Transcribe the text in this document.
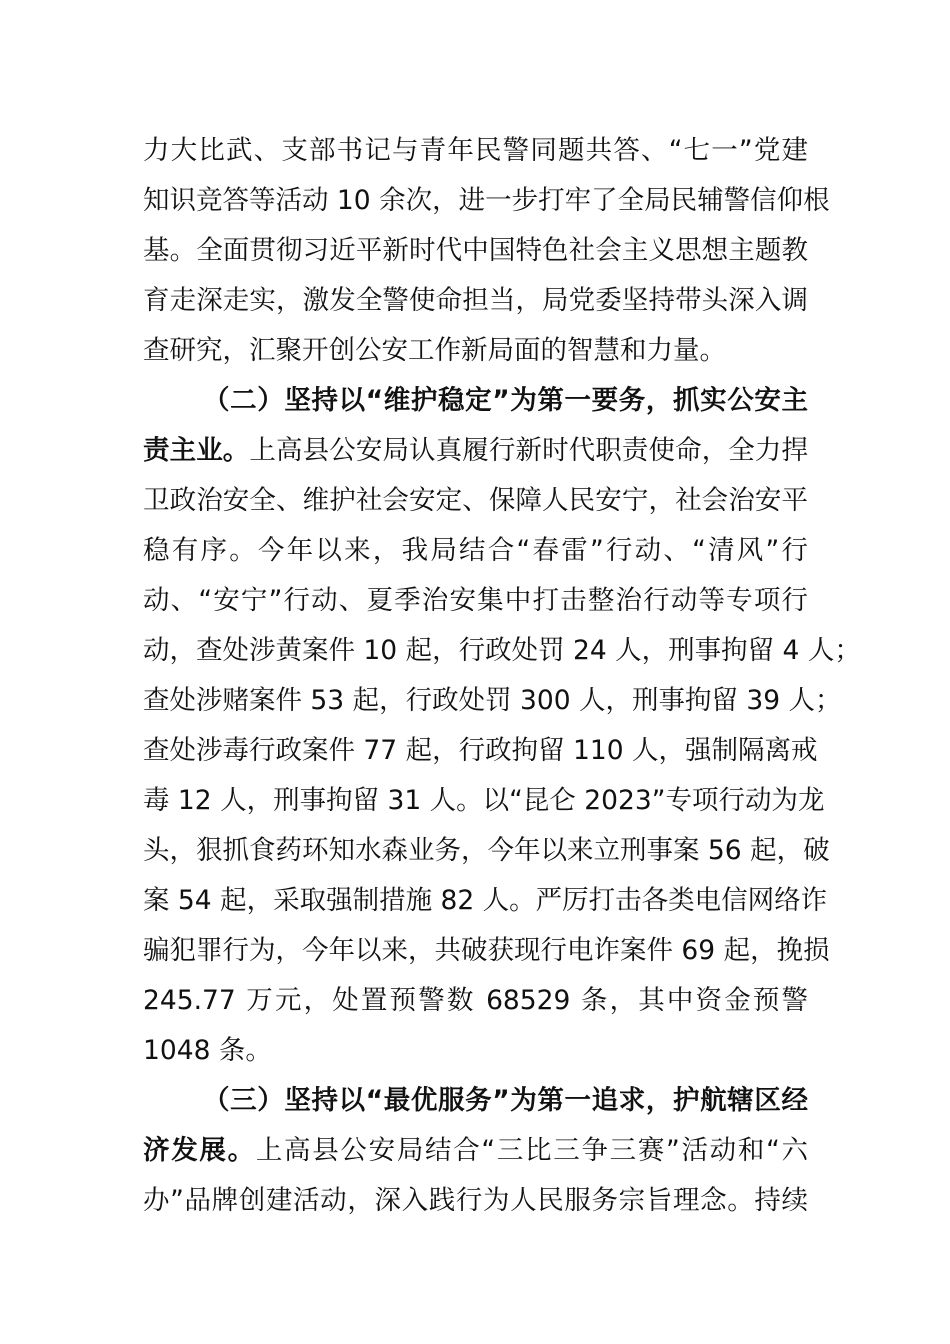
力大比武、支部书记与青年民警同题共答、“七一”党建
知识竞答等活动 10 余次，进一步打牢了全局民辅警信仰根
基。全面贯彻习近平新时代中国特色社会主义思想主题教
育走深走实，激发全警使命担当，局党委坚持带头深入调
查研究，汇聚开创公安工作新局面的智慧和力量。
（二）坚持以“维护稳定”为第一要务，抓实公安主
责主业。上高县公安局认真履行新时代职责使命，全力捍
卫政治安全、维护社会安定、保障人民安宁，社会治安平
稳有序。今年以来，我局结合“春雷”行动、“清风”行
动、“安宁”行动、夏季治安集中打击整治行动等专项行
动，查处涉黄案件 10 起，行政处罚 24 人，刑事拘留 4 人；
查处涉赌案件 53 起，行政处罚 300 人，刑事拘留 39 人；
查处涉毒行政案件 77 起，行政拘留 110 人，强制隔离戒
毒 12 人，刑事拘留 31 人。以“昆仑 2023”专项行动为龙
头，狠抓食药环知水森业务，今年以来立刑事案 56 起，破
案 54 起，采取强制措施 82 人。严厉打击各类电信网络诈
骗犯罪行为，今年以来，共破获现行电诈案件 69 起，挽损
245.77 万元，处置预警数 68529 条，其中资金预警
1048 条。
（三）坚持以“最优服务”为第一追求，护航辖区经
济发展。上高县公安局结合“三比三争三赛”活动和“六
办”品牌创建活动，深入践行为人民服务宗旨理念。持续
